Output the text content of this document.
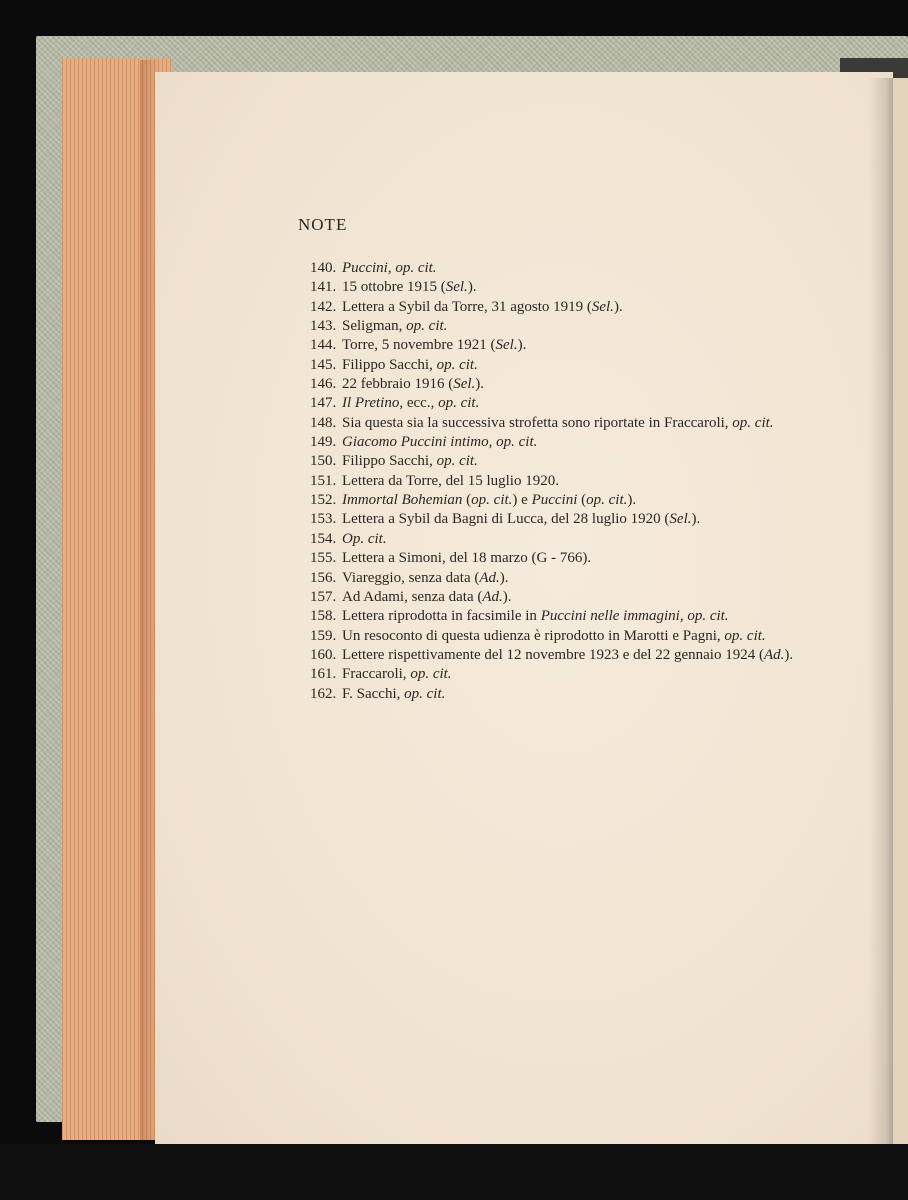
NOTE
140. Puccini, op. cit.
141. 15 ottobre 1915 (Sel.).
142. Lettera a Sybil da Torre, 31 agosto 1919 (Sel.).
143. Seligman, op. cit.
144. Torre, 5 novembre 1921 (Sel.).
145. Filippo Sacchi, op. cit.
146. 22 febbraio 1916 (Sel.).
147. Il Pretino, ecc., op. cit.
148. Sia questa sia la successiva strofetta sono riportate in Fraccaroli, op. cit.
149. Giacomo Puccini intimo, op. cit.
150. Filippo Sacchi, op. cit.
151. Lettera da Torre, del 15 luglio 1920.
152. Immortal Bohemian (op. cit.) e Puccini (op. cit.).
153. Lettera a Sybil da Bagni di Lucca, del 28 luglio 1920 (Sel.).
154. Op. cit.
155. Lettera a Simoni, del 18 marzo (G - 766).
156. Viareggio, senza data (Ad.).
157. Ad Adami, senza data (Ad.).
158. Lettera riprodotta in facsimile in Puccini nelle immagini, op. cit.
159. Un resoconto di questa udienza è riprodotto in Marotti e Pagni, op. cit.
160. Lettere rispettivamente del 12 novembre 1923 e del 22 gennaio 1924 (Ad.).
161. Fraccaroli, op. cit.
162. F. Sacchi, op. cit.
